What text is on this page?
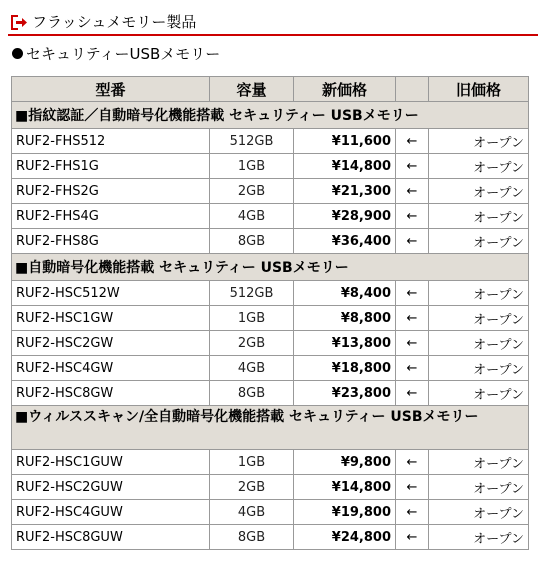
フラッシュメモリー製品
セキュリティーUSBメモリー
型番	容量	新価格		旧価格
■指紋認証／自動暗号化機能搭載 セキュリティー USBメモリー				
RUF2-FHS512	512GB	¥11,600	←	オープン
RUF2-FHS1G	1GB	¥14,800	←	オープン
RUF2-FHS2G	2GB	¥21,300	←	オープン
RUF2-FHS4G	4GB	¥28,900	←	オープン
RUF2-FHS8G	8GB	¥36,400	←	オープン
■自動暗号化機能搭載 セキュリティー USBメモリー				
RUF2-HSC512W	512GB	¥8,400	←	オープン
RUF2-HSC1GW	1GB	¥8,800	←	オープン
RUF2-HSC2GW	2GB	¥13,800	←	オープン
RUF2-HSC4GW	4GB	¥18,800	←	オープン
RUF2-HSC8GW	8GB	¥23,800	←	オープン
■ウィルススキャン/全自動暗号化機能搭載 セキュリティー USBメモリー				
RUF2-HSC1GUW	1GB	¥9,800	←	オープン
RUF2-HSC2GUW	2GB	¥14,800	←	オープン
RUF2-HSC4GUW	4GB	¥19,800	←	オープン
RUF2-HSC8GUW	8GB	¥24,800	←	オープン
